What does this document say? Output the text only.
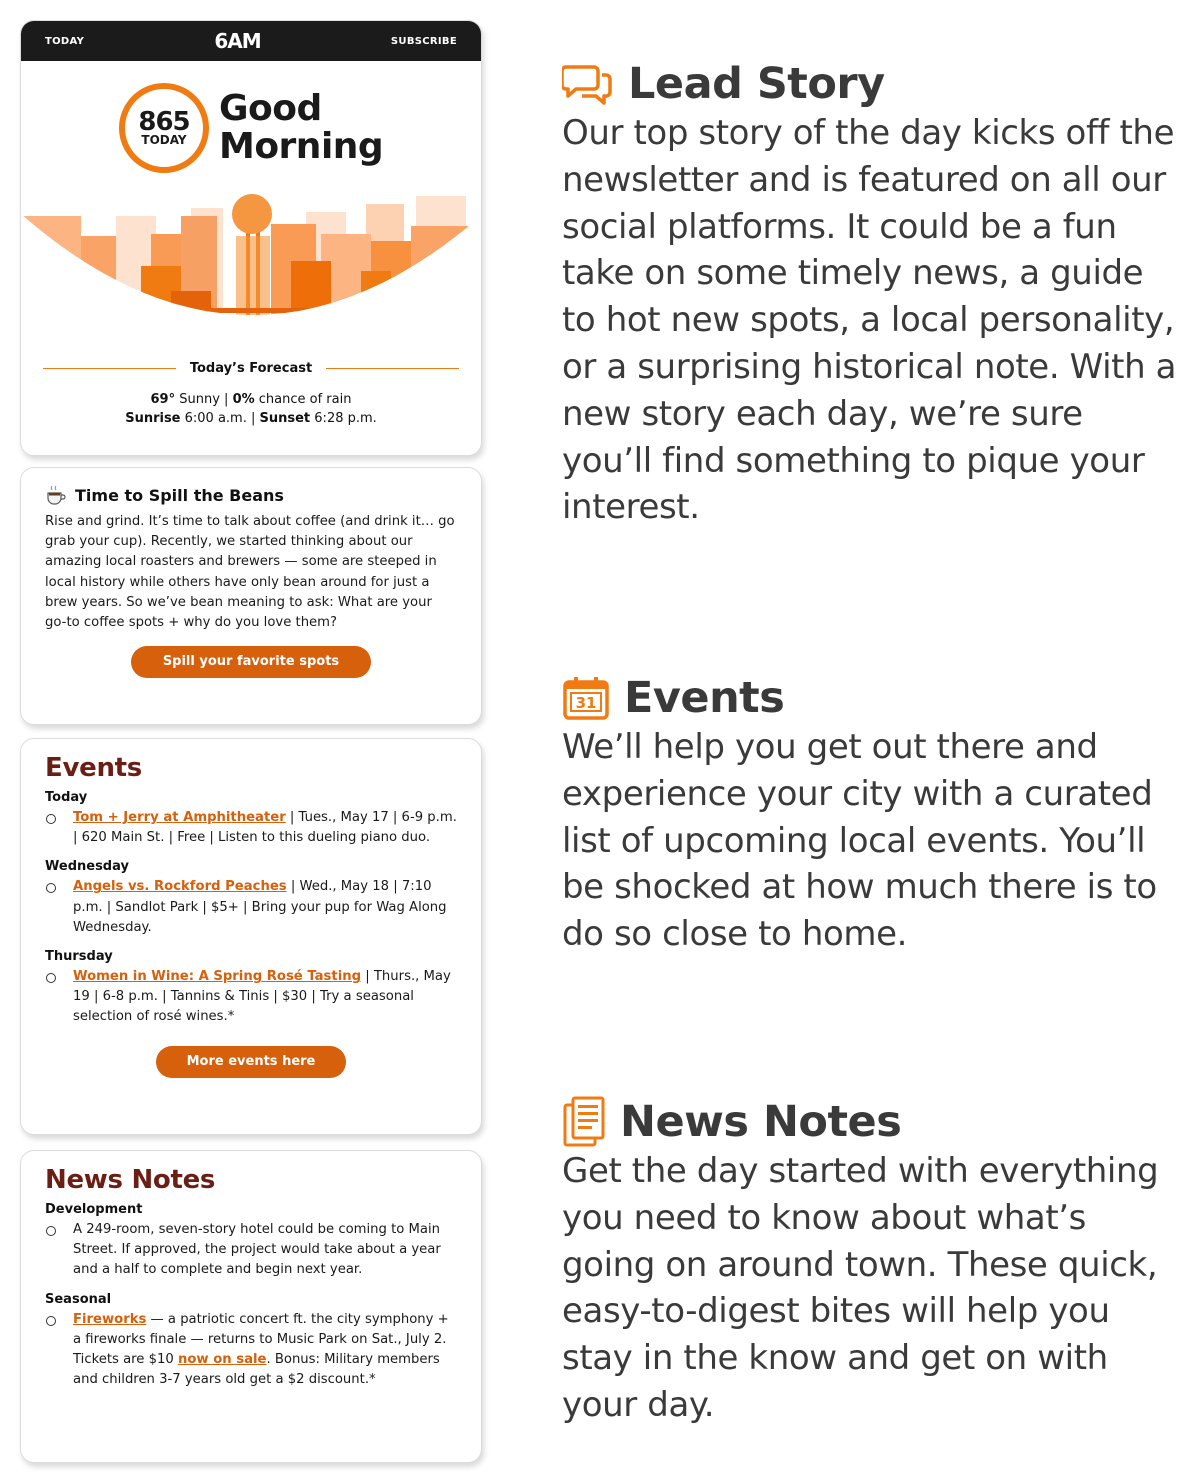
TODAY	6AM	SUBSCRIBE
865
TODAY
Good
Morning
Today’s Forecast
69° Sunny | 0% chance of rain
Sunrise 6:00 a.m. | Sunset 6:28 p.m.
Time to Spill the Beans

Rise and grind. It’s time to talk about coffee (and drink it… go grab your cup). Recently, we started thinking about our amazing local roasters and brewers — some are steeped in local history while others have only bean around for just a brew years. So we’ve bean meaning to ask: What are your go-to coffee spots + why do you love them?

Spill your favorite spots
Events
Today
Tom + Jerry at Amphitheater | Tues., May 17 | 6-9 p.m. | 620 Main St. | Free | Listen to this dueling piano duo.
Wednesday
Angels vs. Rockford Peaches | Wed., May 18 | 7:10 p.m. | Sandlot Park | $5+ | Bring your pup for Wag Along Wednesday.
Thursday
Women in Wine: A Spring Rosé Tasting | Thurs., May 19 | 6-8 p.m. | Tannins & Tinis | $30 | Try a seasonal selection of rosé wines.*
More events here
News Notes
Development
A 249-room, seven-story hotel could be coming to Main Street. If approved, the project would take about a year and a half to complete and begin next year.
Seasonal
Fireworks — a patriotic concert ft. the city symphony + a fireworks finale — returns to Music Park on Sat., July 2. Tickets are $10 now on sale. Bonus: Military members and children 3-7 years old get a $2 discount.*
Lead Story

Our top story of the day kicks off the newsletter and is featured on all our social platforms. It could be a fun take on some timely news, a guide to hot new spots, a local personality, or a surprising historical note. With a new story each day, we’re sure you’ll find something to pique your interest.

31 Events

We’ll help you get out there and experience your city with a curated list of upcoming local events. You’ll be shocked at how much there is to do so close to home.

News Notes

Get the day started with everything you need to know about what’s going on around town. These quick, easy-to-digest bites will help you stay in the know and get on with your day.
